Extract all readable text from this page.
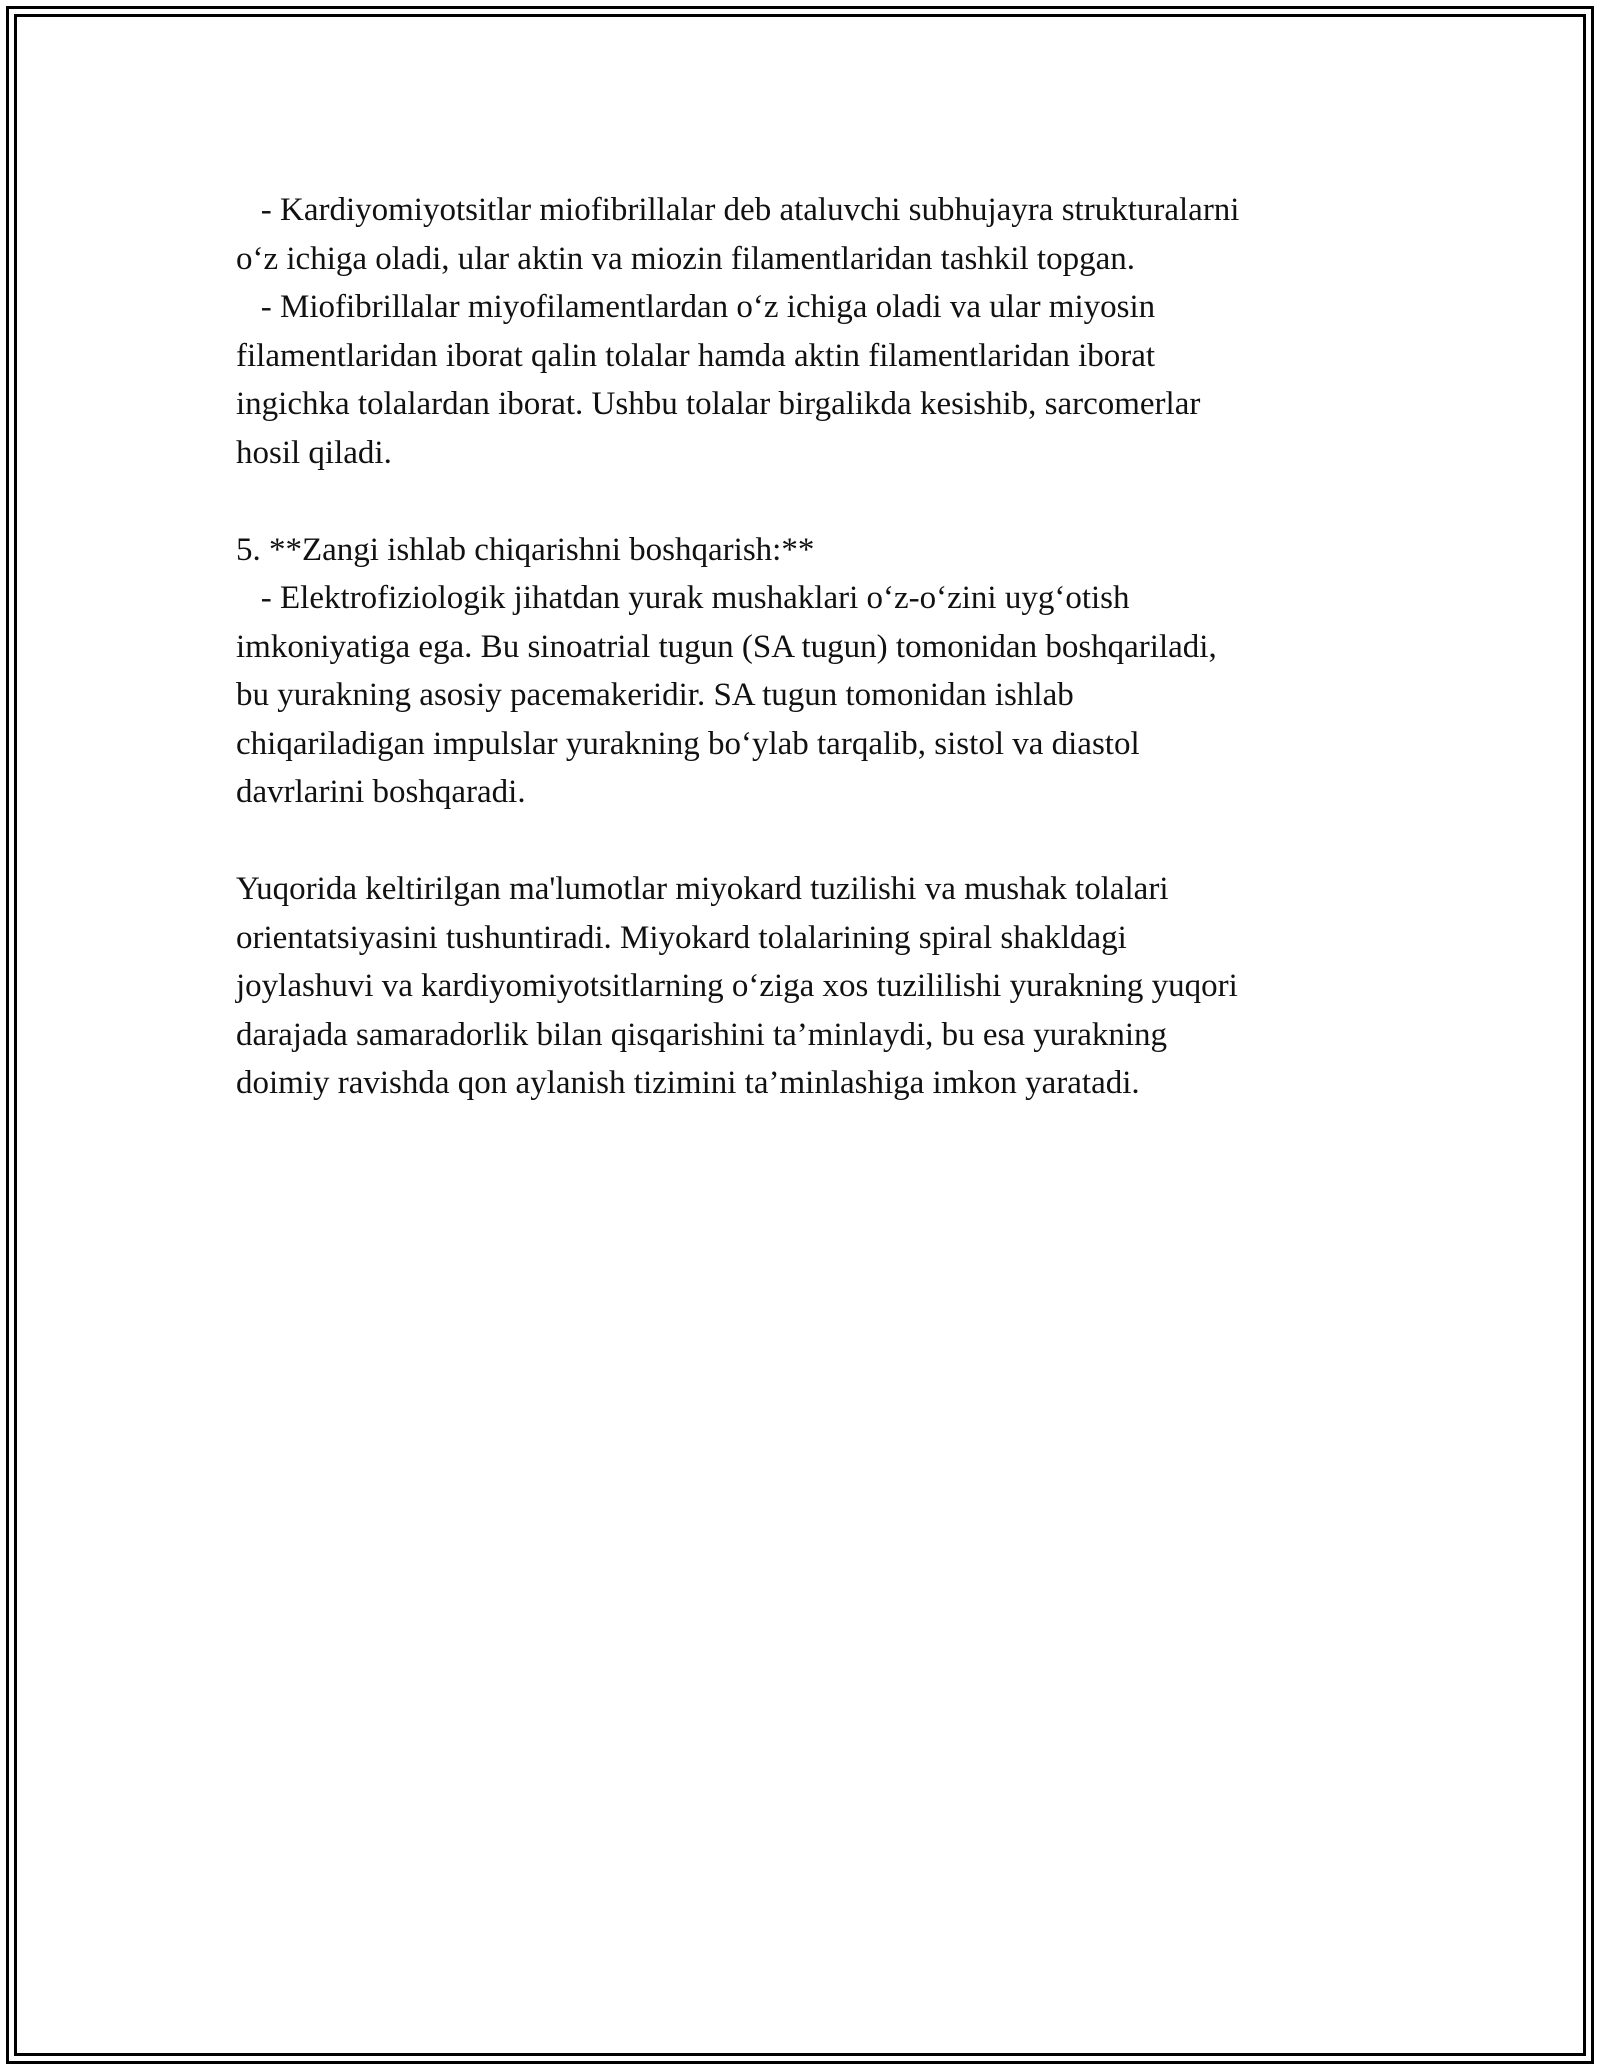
- Kardiyomiyotsitlar miofibrillalar deb ataluvchi subhujayra strukturalarni

o‘z ichiga oladi, ular aktin va miozin filamentlaridan tashkil topgan.

- Miofibrillalar miyofilamentlardan o‘z ichiga oladi va ular miyosin

filamentlaridan iborat qalin tolalar hamda aktin filamentlaridan iborat

ingichka tolalardan iborat. Ushbu tolalar birgalikda kesishib, sarcomerlar

hosil qiladi.

5. **Zangi ishlab chiqarishni boshqarish:**

- Elektrofiziologik jihatdan yurak mushaklari o‘z-o‘zini uyg‘otish

imkoniyatiga ega. Bu sinoatrial tugun (SA tugun) tomonidan boshqariladi,

bu yurakning asosiy pacemakeridir. SA tugun tomonidan ishlab

chiqariladigan impulslar yurakning bo‘ylab tarqalib, sistol va diastol

davrlarini boshqaradi.

Yuqorida keltirilgan ma'lumotlar miyokard tuzilishi va mushak tolalari

orientatsiyasini tushuntiradi. Miyokard tolalarining spiral shakldagi

joylashuvi va kardiyomiyotsitlarning o‘ziga xos tuzililishi yurakning yuqori

darajada samaradorlik bilan qisqarishini ta’minlaydi, bu esa yurakning

doimiy ravishda qon aylanish tizimini ta’minlashiga imkon yaratadi.
